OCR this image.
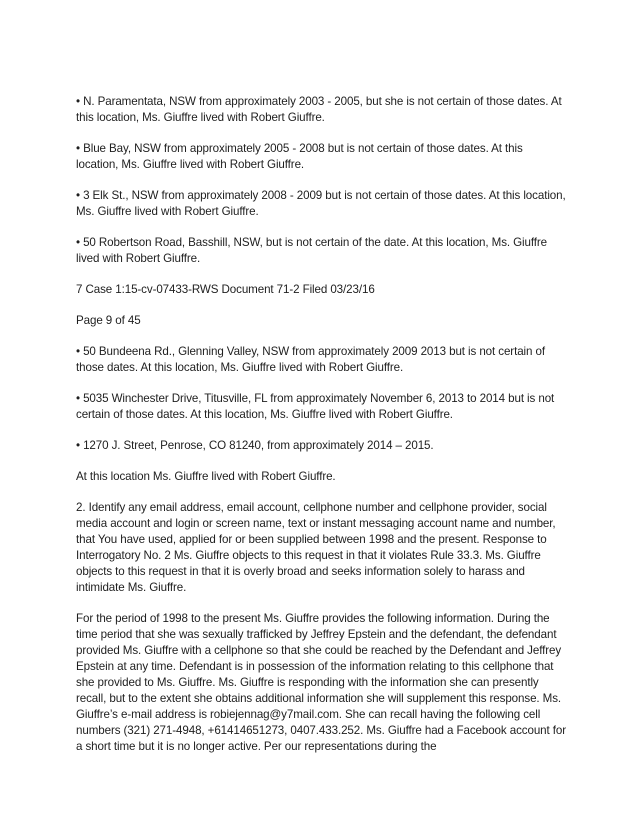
• N. Paramentata, NSW from approximately 2003 - 2005, but she is not certain of those dates. At this location, Ms. Giuffre lived with Robert Giuffre.

• Blue Bay, NSW from approximately 2005 - 2008 but is not certain of those dates. At this location, Ms. Giuffre lived with Robert Giuffre.

• 3 Elk St., NSW from approximately 2008 - 2009 but is not certain of those dates. At this location, Ms. Giuffre lived with Robert Giuffre.

• 50 Robertson Road, Basshill, NSW, but is not certain of the date. At this location, Ms. Giuffre lived with Robert Giuffre.

7 Case 1:15-cv-07433-RWS Document 71-2 Filed 03/23/16

Page 9 of 45

• 50 Bundeena Rd., Glenning Valley, NSW from approximately 2009 2013 but is not certain of those dates. At this location, Ms. Giuffre lived with Robert Giuffre.

• 5035 Winchester Drive, Titusville, FL from approximately November 6, 2013 to 2014 but is not certain of those dates. At this location, Ms. Giuffre lived with Robert Giuffre.

• 1270 J. Street, Penrose, CO 81240, from approximately 2014 – 2015.

At this location Ms. Giuffre lived with Robert Giuffre.

2. Identify any email address, email account, cellphone number and cellphone provider, social media account and login or screen name, text or instant messaging account name and number, that You have used, applied for or been supplied between 1998 and the present. Response to Interrogatory No. 2 Ms. Giuffre objects to this request in that it violates Rule 33.3. Ms. Giuffre objects to this request in that it is overly broad and seeks information solely to harass and intimidate Ms. Giuffre.

For the period of 1998 to the present Ms. Giuffre provides the following information. During the time period that she was sexually trafficked by Jeffrey Epstein and the defendant, the defendant provided Ms. Giuffre with a cellphone so that she could be reached by the Defendant and Jeffrey Epstein at any time. Defendant is in possession of the information relating to this cellphone that she provided to Ms. Giuffre. Ms. Giuffre is responding with the information she can presently recall, but to the extent she obtains additional information she will supplement this response. Ms. Giuffre’s e-mail address is robiejennag@y7mail.com. She can recall having the following cell numbers (321) 271-4948, +61414651273, 0407.433.252. Ms. Giuffre had a Facebook account for a short time but it is no longer active. Per our representations during the
